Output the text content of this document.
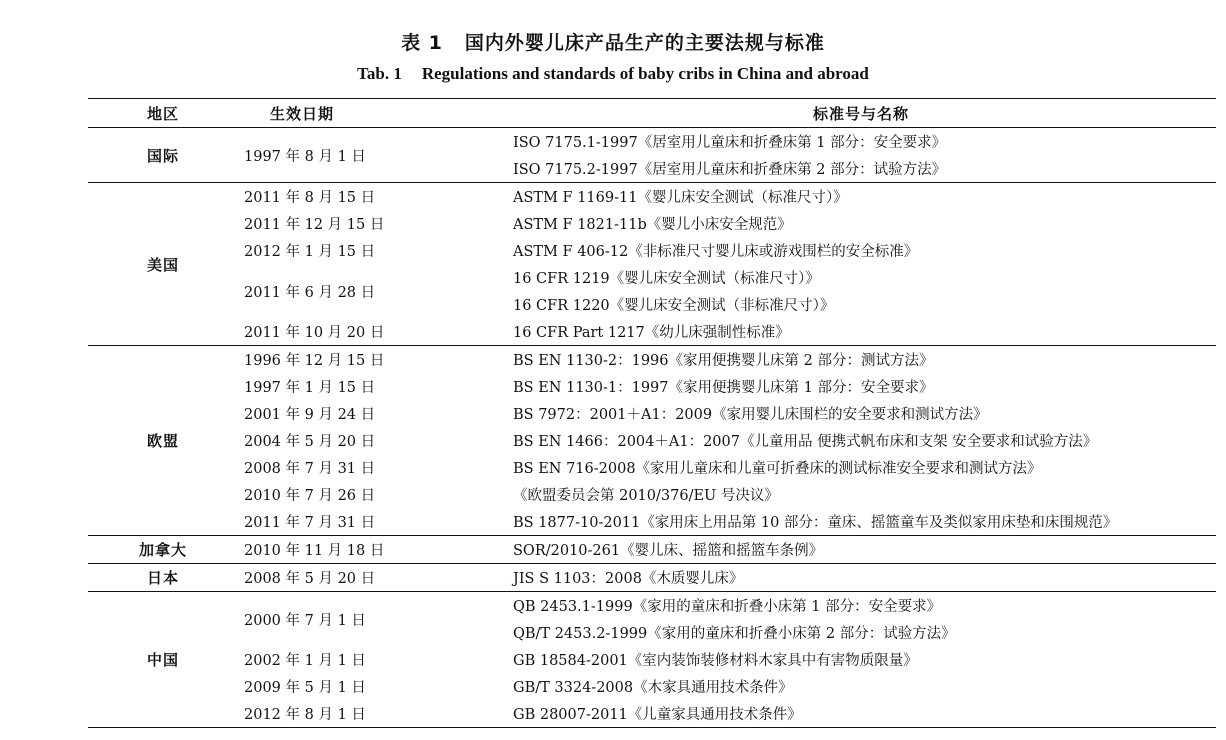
表 1 国内外婴儿床产品生产的主要法规与标准
Tab. 1 Regulations and standards of baby cribs in China and abroad
地区	生效日期	标准号与名称
国际	1997 年 8 月 1 日	ISO 7175.1-1997《居室用儿童床和折叠床第 1 部分：安全要求》
		ISO 7175.2-1997《居室用儿童床和折叠床第 2 部分：试验方法》
美国	2011 年 8 月 15 日	ASTM F 1169-11《婴儿床安全测试（标准尺寸）》
	2011 年 12 月 15 日	ASTM F 1821-11b《婴儿小床安全规范》
	2012 年 1 月 15 日	ASTM F 406-12《非标准尺寸婴儿床或游戏围栏的安全标准》
	2011 年 6 月 28 日	16 CFR 1219《婴儿床安全测试（标准尺寸）》
		16 CFR 1220《婴儿床安全测试（非标准尺寸）》
	2011 年 10 月 20 日	16 CFR Part 1217《幼儿床强制性标准》
欧盟	1996 年 12 月 15 日	BS EN 1130-2：1996《家用便携婴儿床第 2 部分：测试方法》
	1997 年 1 月 15 日	BS EN 1130-1：1997《家用便携婴儿床第 1 部分：安全要求》
	2001 年 9 月 24 日	BS 7972：2001＋A1：2009《家用婴儿床围栏的安全要求和测试方法》
	2004 年 5 月 20 日	BS EN 1466：2004＋A1：2007《儿童用品 便携式帆布床和支架 安全要求和试验方法》
	2008 年 7 月 31 日	BS EN 716-2008《家用儿童床和儿童可折叠床的测试标准安全要求和测试方法》
	2010 年 7 月 26 日	《欧盟委员会第 2010/376/EU 号决议》
	2011 年 7 月 31 日	BS 1877-10-2011《家用床上用品第 10 部分：童床、摇篮童车及类似家用床垫和床围规范》
加拿大	2010 年 11 月 18 日	SOR/2010-261《婴儿床、摇篮和摇篮车条例》
日本	2008 年 5 月 20 日	JIS S 1103：2008《木质婴儿床》
中国	2000 年 7 月 1 日	QB 2453.1-1999《家用的童床和折叠小床第 1 部分：安全要求》
		QB/T 2453.2-1999《家用的童床和折叠小床第 2 部分：试验方法》
	2002 年 1 月 1 日	GB 18584-2001《室内装饰装修材料木家具中有害物质限量》
	2009 年 5 月 1 日	GB/T 3324-2008《木家具通用技术条件》
	2012 年 8 月 1 日	GB 28007-2011《儿童家具通用技术条件》
